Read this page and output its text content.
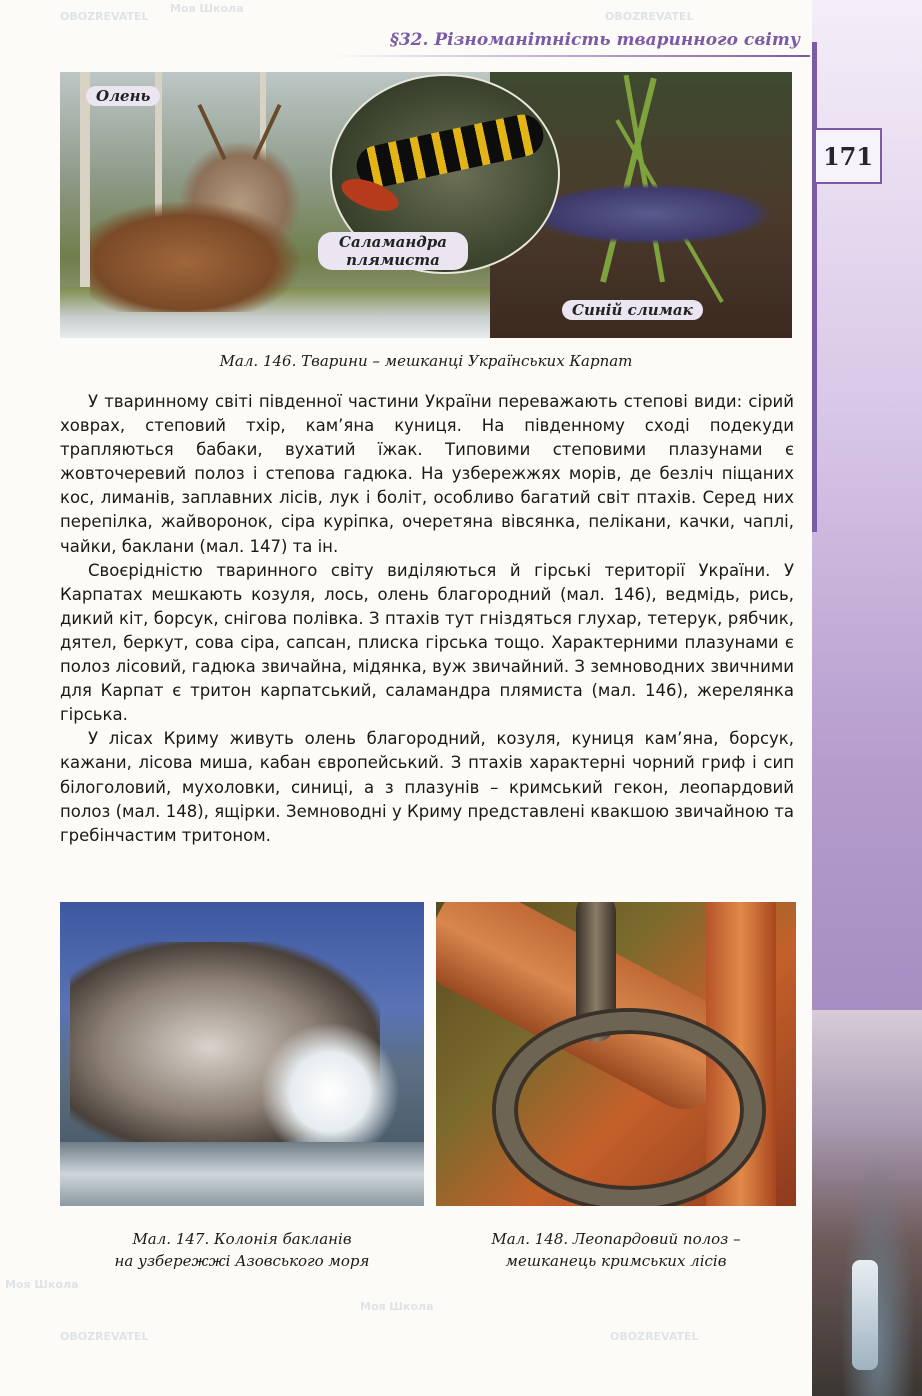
§32. Різноманітність тваринного світу
171
Олень
Саламандра плямиста
Синій слимак
Мал. 146. Тварини – мешканці Українських Карпат

У тваринному світі південної частини України переважають степові види: сірий ховрах, степовий тхір, кам’яна куниця. На південному сході подекуди трапляються бабаки, вухатий їжак. Типовими степовими плазунами є жовточеревий полоз і степова гадюка. На узбережжях морів, де безліч піщаних кос, лиманів, заплавних лісів, лук і боліт, особливо багатий світ птахів. Серед них перепілка, жайворонок, сіра куріпка, очеретяна вівсянка, пелікани, качки, чаплі, чайки, баклани (мал. 147) та ін.

Своєрідністю тваринного світу виділяються й гірські території України. У Карпатах мешкають козуля, лось, олень благородний (мал. 146), ведмідь, рись, дикий кіт, борсук, снігова полівка. З птахів тут гніздяться глухар, тетерук, рябчик, дятел, беркут, сова сіра, сапсан, плиска гірська тощо. Характерними плазунами є полоз лісовий, гадюка звичайна, мідянка, вуж звичайний. З земноводних звичними для Карпат є тритон карпатський, саламандра плямиста (мал. 146), жерелянка гірська.

У лісах Криму живуть олень благородний, козуля, куниця кам’яна, борсук, кажани, лісова миша, кабан європейський. З птахів характерні чорний гриф і сип білоголовий, мухоловки, синиці, а з плазунів – кримський гекон, леопардовий полоз (мал. 148), ящірки. Земноводні у Криму представлені квакшою звичайною та гребінчастим тритоном.

Мал. 147. Колонія бакланів
на узбережжі Азовського моря
Мал. 148. Леопардовий полоз –
мешканець кримських лісів
Моя Школа
OBOZREVATEL
OBOZREVATEL
Моя Школа
OBOZREVATEL
Моя Школа
OBOZREVATEL
